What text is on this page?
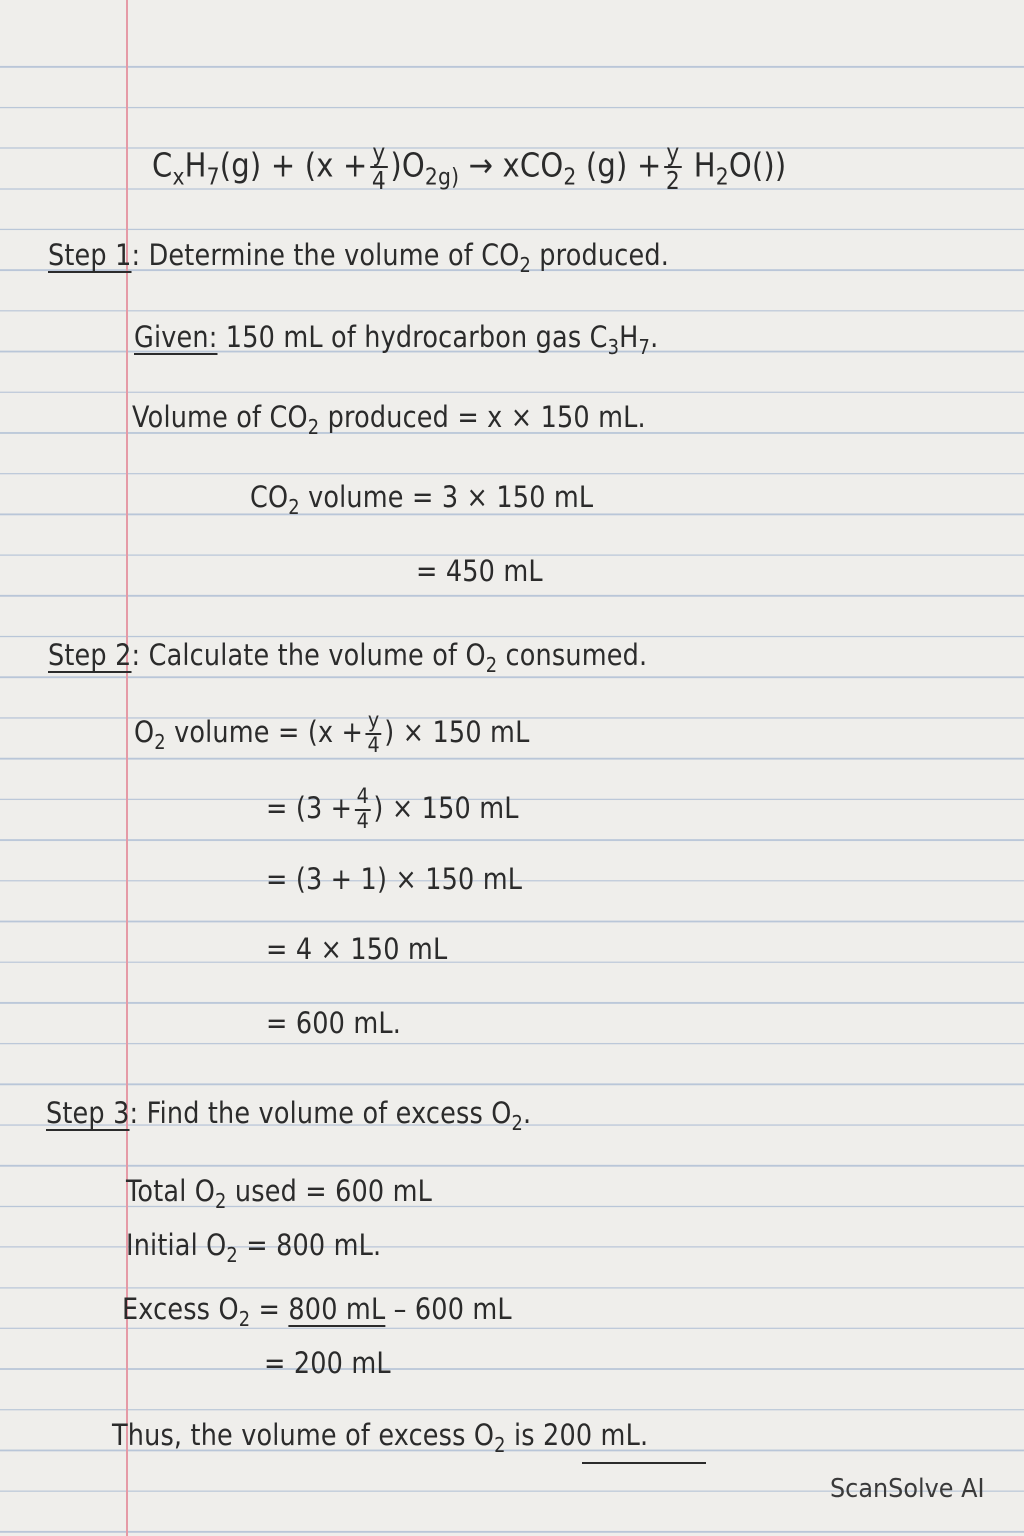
$C_xH_7(g) + (x + \frac{y}{4} )O_{2g)} \to xCO_2$ $(g) + \frac{y}{2} H_2O()$)
Step 1: Determine the volume of $CO_2$ produced.
Given: 150 mL of hydrocarbon gas $C_3H_7$.
Volume of $CO_2$ produced = x × 150 mL.
$CO_2$ volume = 3 × 150 mL
= 450 mL
Step 2: Calculate the volume of $O_2$ consumed.
$O_2$ volume = ($x + \frac{y}{4}$ ) × 150 mL
= ($3 + \frac{4}{4}$ ) × 150 mL
= (3 + 1) × 150 mL
= 4 × 150 mL
= 600 mL.
Step 3: Find the volume of excess $O_2$.
Total $O_2$ used = 600 mL
Initial $O_2 = 800$ mL.
Excess $O_2 = 800$ mL – 600 mL
= 200 mL
Thus, the volume of excess $O_2$ is 200 mL.
ScanSolve AI
